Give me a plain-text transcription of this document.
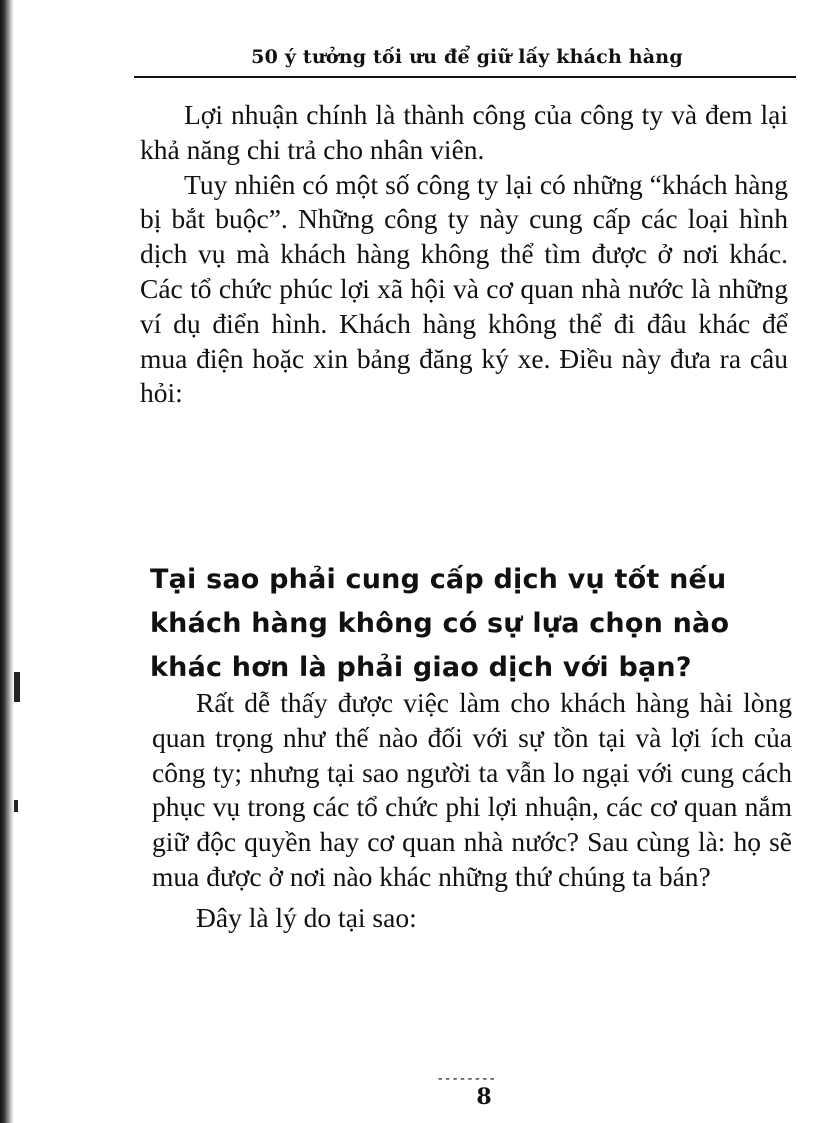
50 ý tưởng tối ưu để giữ lấy khách hàng

Lợi nhuận chính là thành công của công ty và đem lại khả năng chi trả cho nhân viên.

Tuy nhiên có một số công ty lại có những “khách hàng bị bắt buộc”. Những công ty này cung cấp các loại hình dịch vụ mà khách hàng không thể tìm được ở nơi khác. Các tổ chức phúc lợi xã hội và cơ quan nhà nước là những ví dụ điển hình. Khách hàng không thể đi đâu khác để mua điện hoặc xin bảng đăng ký xe. Điều này đưa ra câu hỏi:

Tại sao phải cung cấp dịch vụ tốt nếu khách hàng không có sự lựa chọn nào khác hơn là phải giao dịch với bạn?

Rất dễ thấy được việc làm cho khách hàng hài lòng quan trọng như thế nào đối với sự tồn tại và lợi ích của công ty; nhưng tại sao người ta vẫn lo ngại với cung cách phục vụ trong các tổ chức phi lợi nhuận, các cơ quan nắm giữ độc quyền hay cơ quan nhà nước? Sau cùng là: họ sẽ mua được ở nơi nào khác những thứ chúng ta bán?

Đây là lý do tại sao:

--------
8
